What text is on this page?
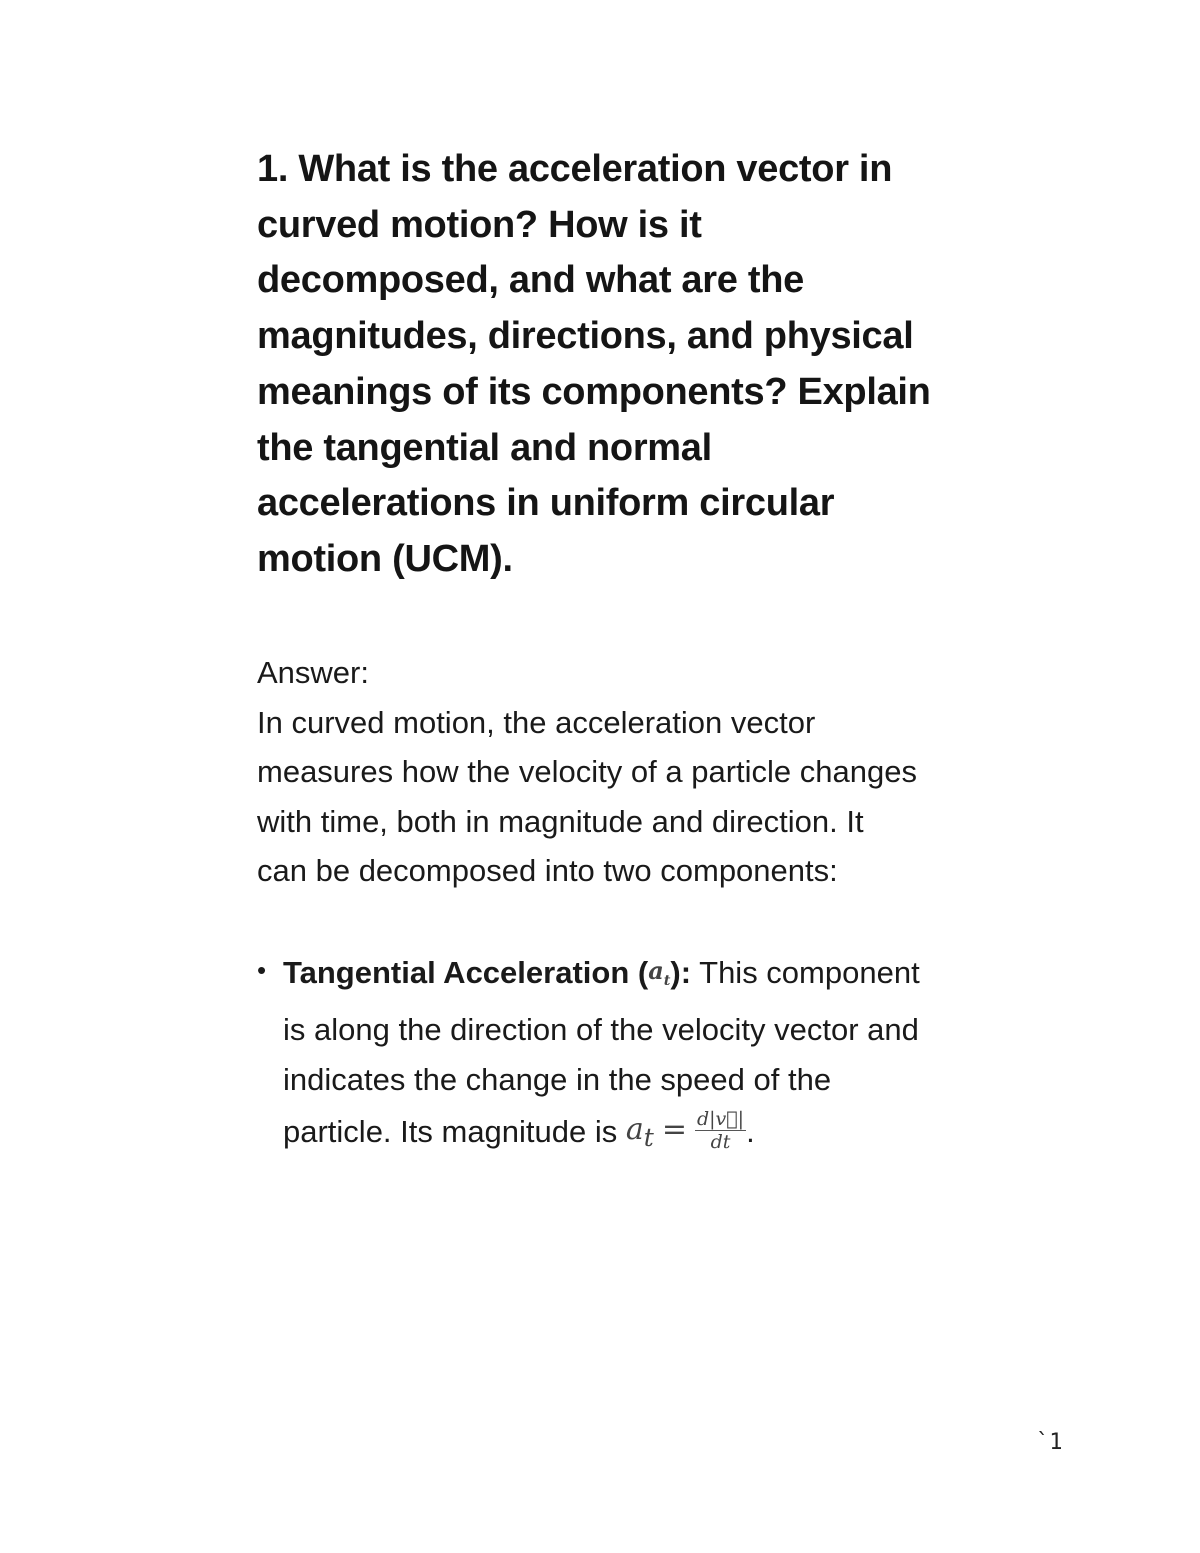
1. What is the acceleration vector in curved motion? How is it decomposed, and what are the magnitudes, directions, and physical meanings of its components? Explain the tangential and normal accelerations in uniform circular motion (UCM).
Answer:

In curved motion, the acceleration vector measures how the velocity of a particle changes with time, both in magnitude and direction. It can be decomposed into two components:

• Tangential Acceleration $(a_t)$: This component is along the direction of the velocity vector and indicates the change in the speed of the particle. Its magnitude is $a_t = \frac{d|v⃗|}{dt}$ .
`1
